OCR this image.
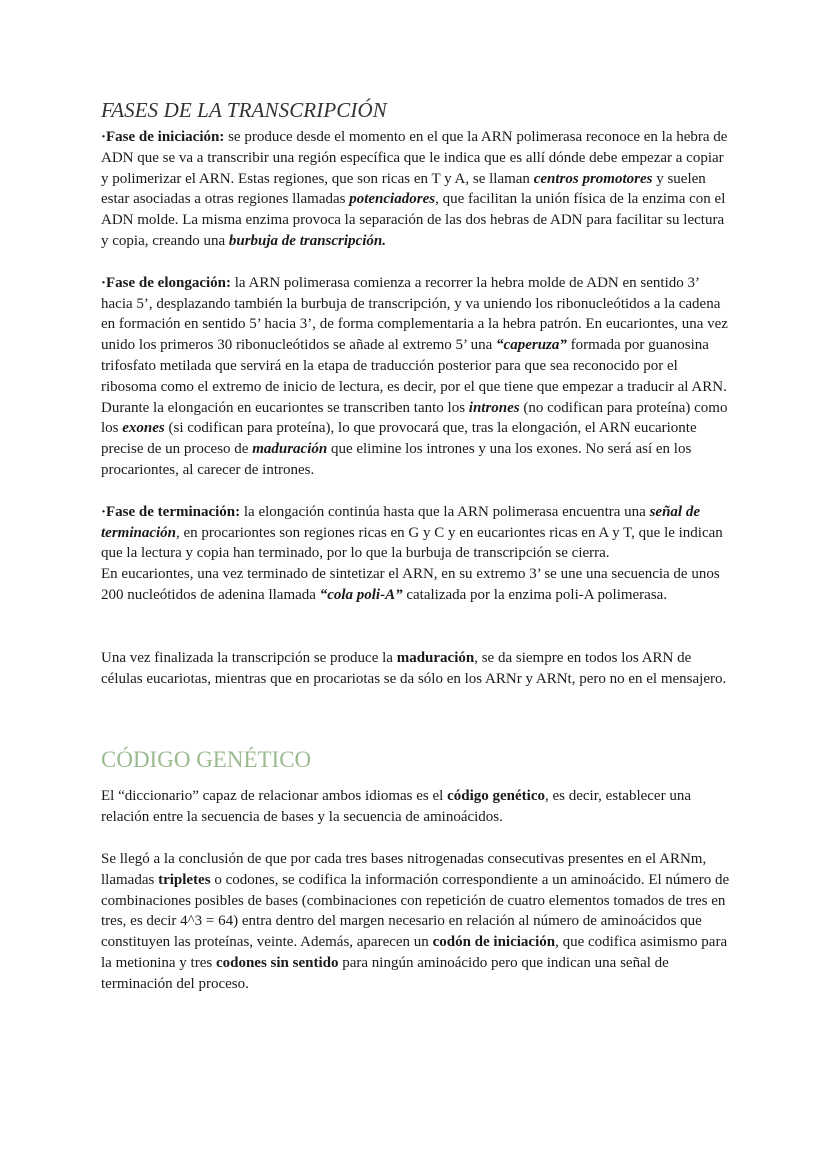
FASES DE LA TRANSCRIPCIÓN

·Fase de iniciación: se produce desde el momento en el que la ARN polimerasa reconoce en la hebra de ADN que se va a transcribir una región específica que le indica que es allí dónde debe empezar a copiar y polimerizar el ARN. Estas regiones, que son ricas en T y A, se llaman centros promotores y suelen estar asociadas a otras regiones llamadas potenciadores, que facilitan la unión física de la enzima con el ADN molde. La misma enzima provoca la separación de las dos hebras de ADN para facilitar su lectura y copia, creando una burbuja de transcripción.

·Fase de elongación: la ARN polimerasa comienza a recorrer la hebra molde de ADN en sentido 3’ hacia 5’, desplazando también la burbuja de transcripción, y va uniendo los ribonucleótidos a la cadena en formación en sentido 5’ hacia 3’, de forma complementaria a la hebra patrón. En eucariontes, una vez unido los primeros 30 ribonucleótidos se añade al extremo 5’ una “caperuza” formada por guanosina trifosfato metilada que servirá en la etapa de traducción posterior para que sea reconocido por el ribosoma como el extremo de inicio de lectura, es decir, por el que tiene que empezar a traducir al ARN. Durante la elongación en eucariontes se transcriben tanto los intrones (no codifican para proteína) como los exones (si codifican para proteína), lo que provocará que, tras la elongación, el ARN eucarionte precise de un proceso de maduración que elimine los intrones y una los exones. No será así en los procariontes, al carecer de intrones.

·Fase de terminación: la elongación continúa hasta que la ARN polimerasa encuentra una señal de terminación, en procariontes son regiones ricas en G y C y en eucariontes ricas en A y T, que le indican que la lectura y copia han terminado, por lo que la burbuja de transcripción se cierra.

En eucariontes, una vez terminado de sintetizar el ARN, en su extremo 3’ se une una secuencia de unos 200 nucleótidos de adenina llamada “cola poli-A” catalizada por la enzima poli-A polimerasa.

Una vez finalizada la transcripción se produce la maduración, se da siempre en todos los ARN de células eucariotas, mientras que en procariotas se da sólo en los ARNr y ARNt, pero no en el mensajero.

CÓDIGO GENÉTICO

El “diccionario” capaz de relacionar ambos idiomas es el código genético, es decir, establecer una relación entre la secuencia de bases y la secuencia de aminoácidos.

Se llegó a la conclusión de que por cada tres bases nitrogenadas consecutivas presentes en el ARNm, llamadas tripletes o codones, se codifica la información correspondiente a un aminoácido. El número de combinaciones posibles de bases (combinaciones con repetición de cuatro elementos tomados de tres en tres, es decir 4^3 = 64) entra dentro del margen necesario en relación al número de aminoácidos que constituyen las proteínas, veinte. Además, aparecen un codón de iniciación, que codifica asimismo para la metionina y tres codones sin sentido para ningún aminoácido pero que indican una señal de terminación del proceso.
